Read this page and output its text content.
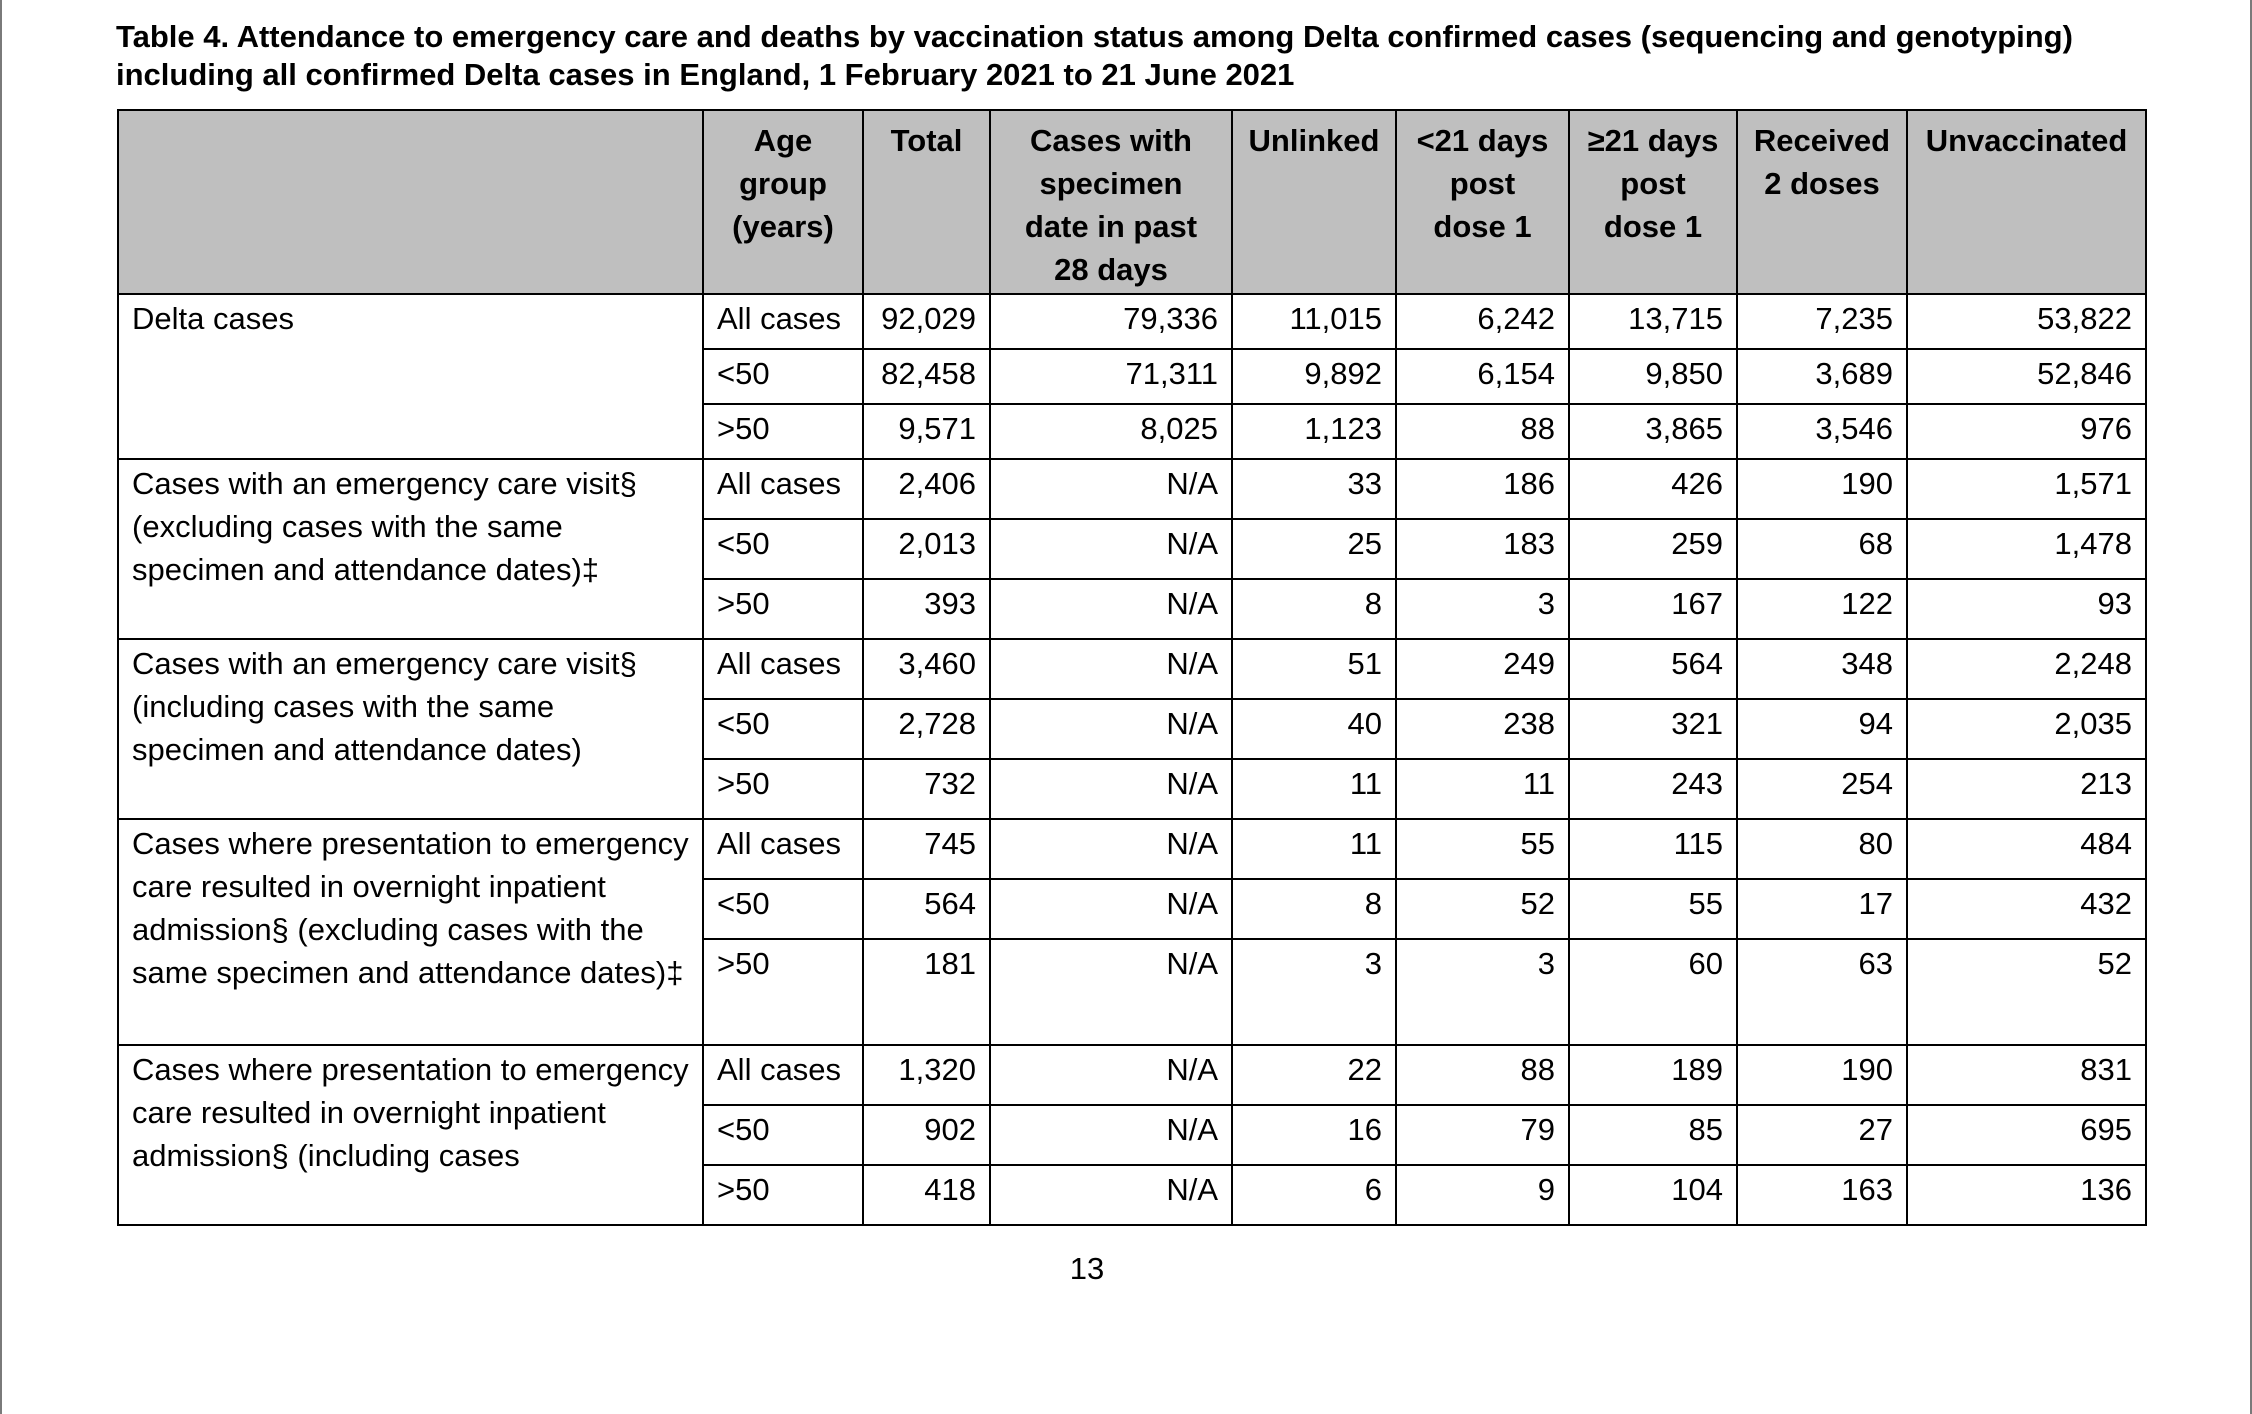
Table 4. Attendance to emergency care and deaths by vaccination status among Delta confirmed cases (sequencing and genotyping) including all confirmed Delta cases in England, 1 February 2021 to 21 June 2021

	Age group (years)	Total	Cases with specimen date in past 28 days	Unlinked	<21 days post dose 1	≥21 days post dose 1	Received 2 doses	Unvaccinated
Delta cases	All cases	92,029	79,336	11,015	6,242	13,715	7,235	53,822
	<50	82,458	71,311	9,892	6,154	9,850	3,689	52,846
	>50	9,571	8,025	1,123	88	3,865	3,546	976
Cases with an emergency care visit§ (excluding cases with the same specimen and attendance dates)‡	All cases	2,406	N/A	33	186	426	190	1,571
	<50	2,013	N/A	25	183	259	68	1,478
	>50	393	N/A	8	3	167	122	93
Cases with an emergency care visit§ (including cases with the same specimen and attendance dates)	All cases	3,460	N/A	51	249	564	348	2,248
	<50	2,728	N/A	40	238	321	94	2,035
	>50	732	N/A	11	11	243	254	213
Cases where presentation to emergency care resulted in overnight inpatient admission§ (excluding cases with the same specimen and attendance dates)‡	All cases	745	N/A	11	55	115	80	484
	<50	564	N/A	8	52	55	17	432
	>50	181	N/A	3	3	60	63	52
Cases where presentation to emergency care resulted in overnight inpatient admission§ (including cases	All cases	1,320	N/A	22	88	189	190	831
	<50	902	N/A	16	79	85	27	695
	>50	418	N/A	6	9	104	163	136
13
